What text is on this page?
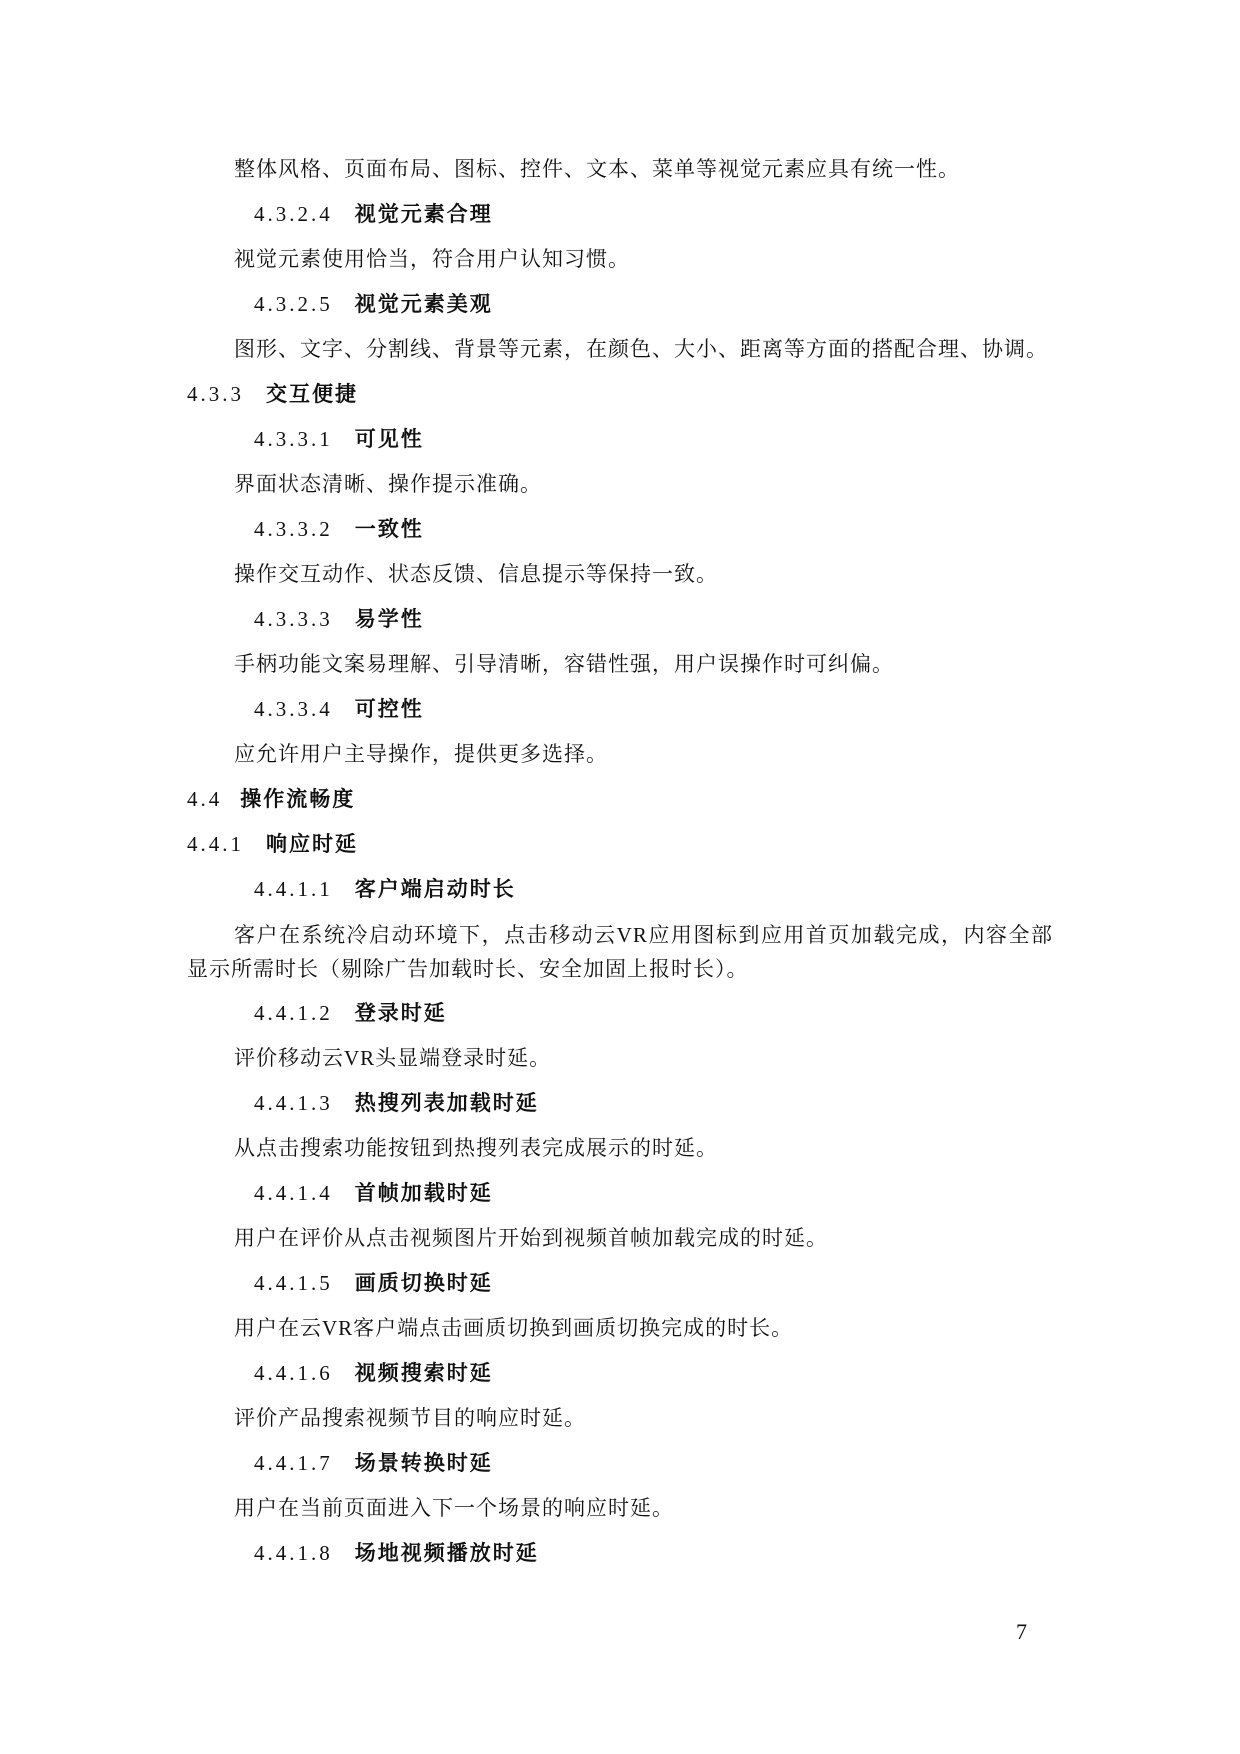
整体风格、页面布局、图标、控件、文本、菜单等视觉元素应具有统一性。

4.3.2.4 视觉元素合理

视觉元素使用恰当，符合用户认知习惯。

4.3.2.5 视觉元素美观

图形、文字、分割线、背景等元素，在颜色、大小、距离等方面的搭配合理、协调。

4.3.3 交互便捷

4.3.3.1 可见性

界面状态清晰、操作提示准确。

4.3.3.2 一致性

操作交互动作、状态反馈、信息提示等保持一致。

4.3.3.3 易学性

手柄功能文案易理解、引导清晰，容错性强，用户误操作时可纠偏。

4.3.3.4 可控性

应允许用户主导操作，提供更多选择。

4.4 操作流畅度

4.4.1 响应时延

4.4.1.1 客户端启动时长

客户在系统冷启动环境下，点击移动云VR应用图标到应用首页加载完成，内容全部显示所需时长（剔除广告加载时长、安全加固上报时长）。

4.4.1.2 登录时延

评价移动云VR头显端登录时延。

4.4.1.3 热搜列表加载时延

从点击搜索功能按钮到热搜列表完成展示的时延。

4.4.1.4 首帧加载时延

用户在评价从点击视频图片开始到视频首帧加载完成的时延。

4.4.1.5 画质切换时延

用户在云VR客户端点击画质切换到画质切换完成的时长。

4.4.1.6 视频搜索时延

评价产品搜索视频节目的响应时延。

4.4.1.7 场景转换时延

用户在当前页面进入下一个场景的响应时延。

4.4.1.8 场地视频播放时延

7
